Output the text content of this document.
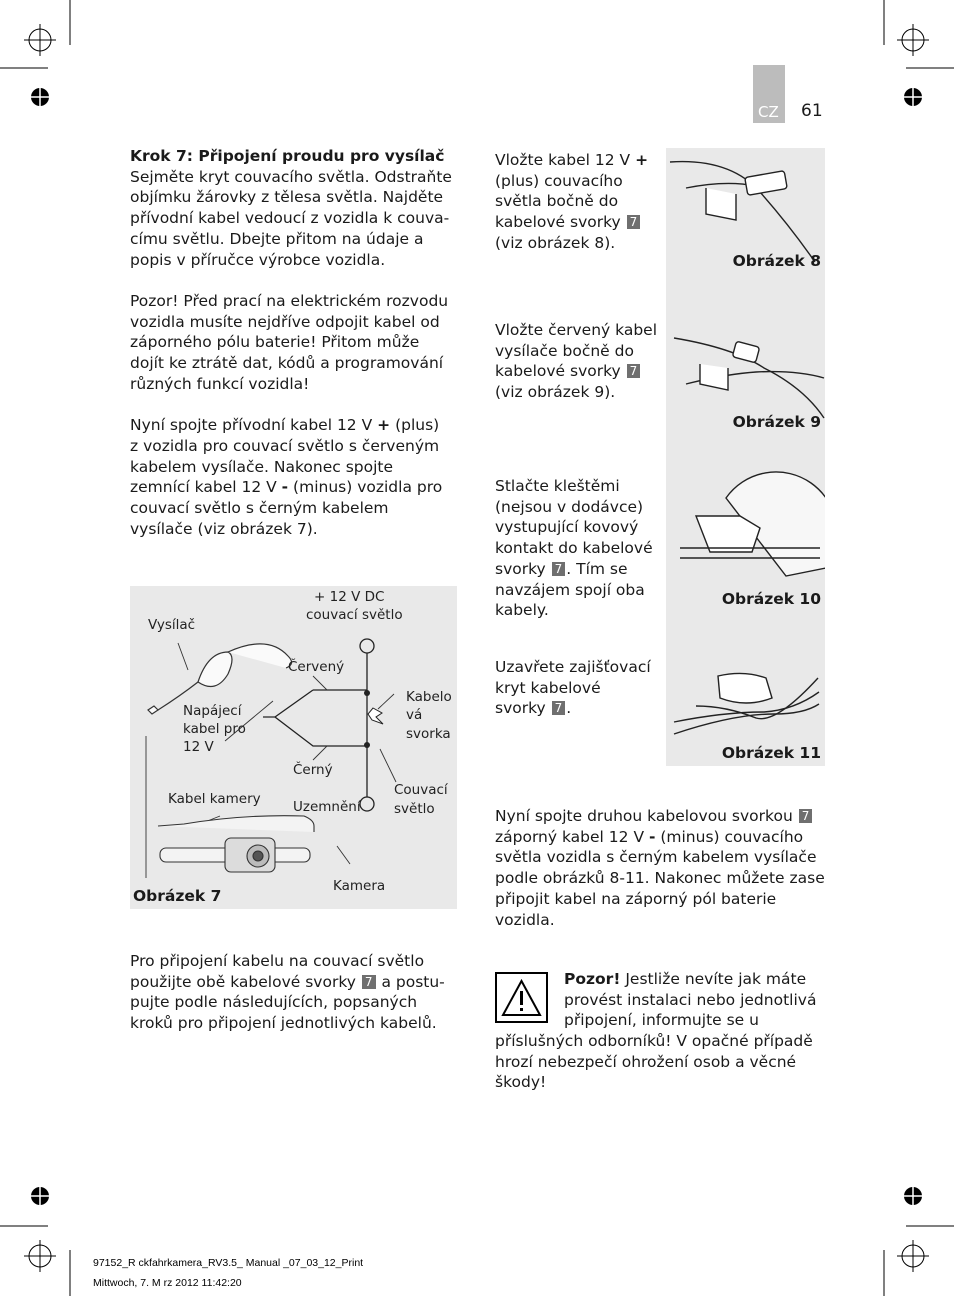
CZ 61

Krok 7: Připojení proudu pro vysílač
Sejměte kryt couvacího světla. Odstraňte objímku žárovky z tělesa světla. Najděte přívodní kabel vedoucí z vozidla k couva-címu světlu. Dbejte přitom na údaje a popis v příručce výrobce vozidla.

Pozor! Před prací na elektrickém rozvodu vozidla musíte nejdříve odpojit kabel od záporného pólu baterie! Přitom může dojít ke ztrátě dat, kódů a programování různých funkcí vozidla!

Nyní spojte přívodní kabel 12 V + (plus) z vozidla pro couvací světlo s červeným kabelem vysílače. Nakonec spojte zemnící kabel 12 V - (minus) vozidla pro couvací světlo s černým kabelem vysílače (viz obrázek 7).

Vysílač
+ 12 V DC
couvací světlo
Červený
Kabelo
vá
svorka
Napájecí
kabel pro
12 V
Černý
Couvací
světlo
Kabel kamery Uzemnění
Kamera
Obrázek 7
Pro připojení kabelu na couvací světlo použijte obě kabelové svorky 7 a postu-pujte podle následujících, popsaných kroků pro připojení jednotlivých kabelů.
Vložte kabel 12 V + (plus) couvacího světla bočně do kabelové svorky 7 (viz obrázek 8).
Vložte červený kabel vysílače bočně do kabelové svorky 7 (viz obrázek 9).
Stlačte kleštěmi (nejsou v dodávce) vystupující kovový kontakt do kabelové svorky 7 . Tím se navzájem spojí oba kabely.
Uzavřete zajišťovací kryt kabelové svorky 7 .
Obrázek 8
Obrázek 9
Obrázek 10
Obrázek 11
Nyní spojte druhou kabelovou svorkou 7 záporný kabel 12 V - (minus) couvacího světla vozidla s černým kabelem vysílače podle obrázků 8-11. Nakonec můžete zase připojit kabel na záporný pól baterie vozidla.
Pozor! Jestliže nevíte jak máte provést instalaci nebo jednotlivá připojení, informujte se u
příslušných odborníků! V opačné případě hrozí nebezpečí ohrožení osob a věcné škody!
97152_R ckfahrkamera_RV3.5_ Manual _07_03_12_Print
Mittwoch, 7. M rz 2012 11:42:20
